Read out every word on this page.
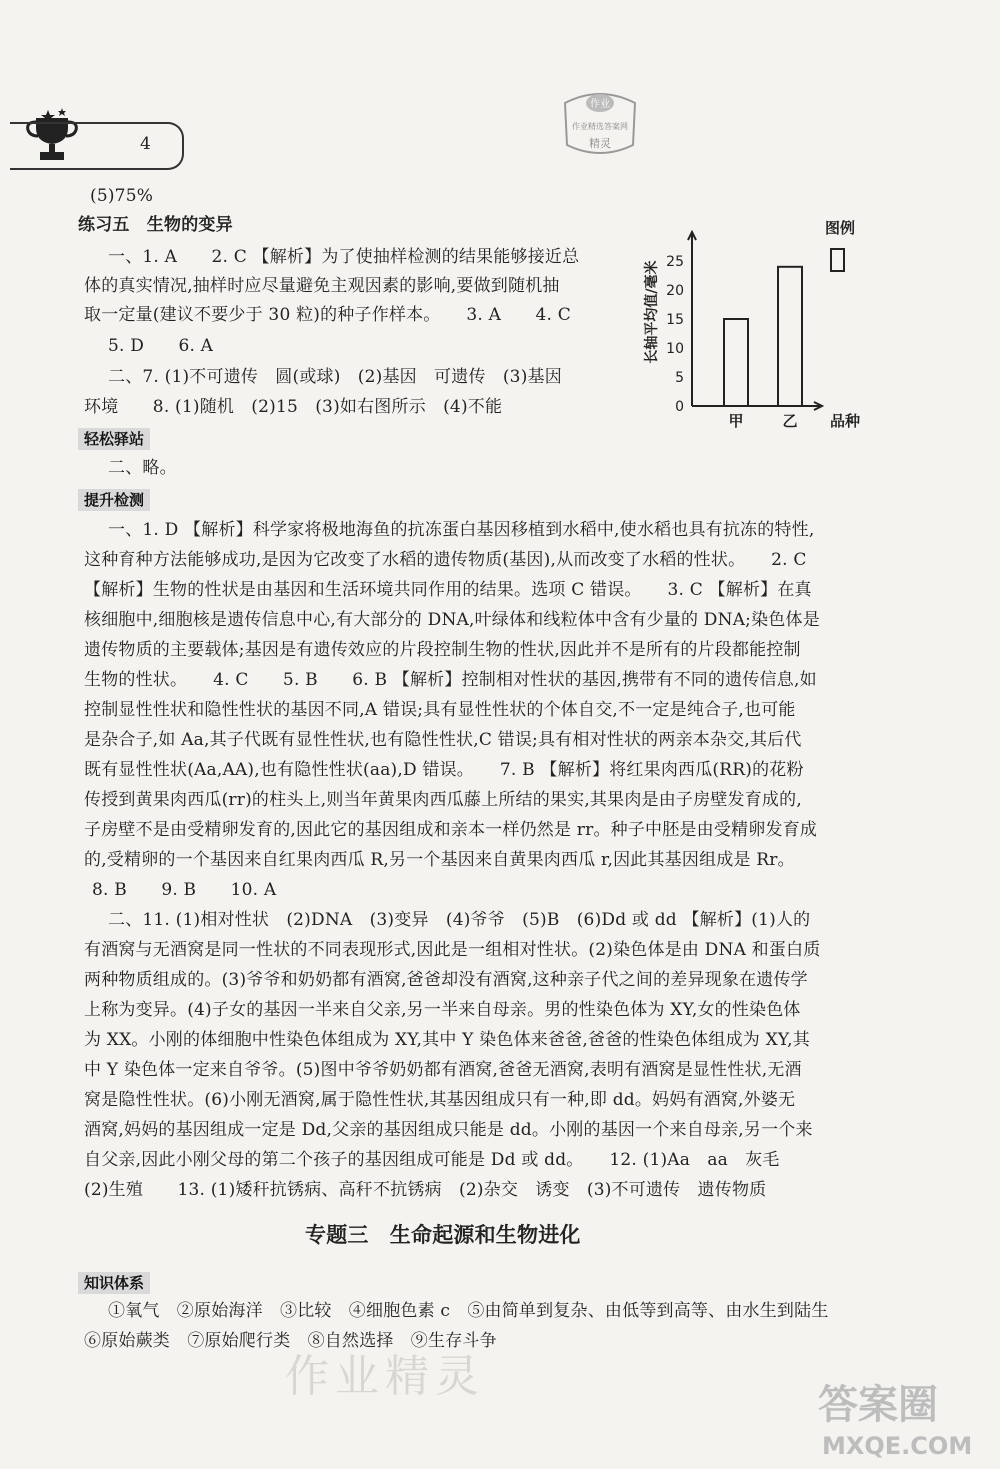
4
作业
作业精选答案网
精灵
(5)75%
练习五　生物的变异
一、1. A　　2. C 【解析】为了使抽样检测的结果能够接近总
体的真实情况,抽样时应尽量避免主观因素的影响,要做到随机抽
取一定量(建议不要少于 30 粒)的种子作样本。　　3. A　　4. C
5. D　　6. A
二、7. (1)不可遗传　圆(或球)　(2)基因　可遗传　(3)基因
环境　　8. (1)随机　(2)15　(3)如右图所示　(4)不能	0
5
10
15
20
25
甲	乙
图例
长轴平均值/毫米
品种
轻松驿站
二、略。
提升检测
一、1. D 【解析】科学家将极地海鱼的抗冻蛋白基因移植到水稻中,使水稻也具有抗冻的特性,
这种育种方法能够成功,是因为它改变了水稻的遗传物质(基因),从而改变了水稻的性状。　　2. C
【解析】生物的性状是由基因和生活环境共同作用的结果。选项 C 错误。　　3. C 【解析】在真
核细胞中,细胞核是遗传信息中心,有大部分的 DNA,叶绿体和线粒体中含有少量的 DNA;染色体是
遗传物质的主要载体;基因是有遗传效应的片段控制生物的性状,因此并不是所有的片段都能控制
生物的性状。　　4. C　　5. B　　6. B 【解析】控制相对性状的基因,携带有不同的遗传信息,如
控制显性性状和隐性性状的基因不同,A 错误;具有显性性状的个体自交,不一定是纯合子,也可能
是杂合子,如 Aa,其子代既有显性性状,也有隐性性状,C 错误;具有相对性状的两亲本杂交,其后代
既有显性性状(Aa,AA),也有隐性性状(aa),D 错误。　　7. B 【解析】将红果肉西瓜(RR)的花粉
传授到黄果肉西瓜(rr)的柱头上,则当年黄果肉西瓜藤上所结的果实,其果肉是由子房壁发育成的,
子房壁不是由受精卵发育的,因此它的基因组成和亲本一样仍然是 rr。种子中胚是由受精卵发育成
的,受精卵的一个基因来自红果肉西瓜 R,另一个基因来自黄果肉西瓜 r,因此其基因组成是 Rr。
8. B　　9. B　　10. A
二、11. (1)相对性状　(2)DNA　(3)变异　(4)爷爷　(5)B　(6)Dd 或 dd 【解析】(1)人的
有酒窝与无酒窝是同一性状的不同表现形式,因此是一组相对性状。(2)染色体是由 DNA 和蛋白质
两种物质组成的。(3)爷爷和奶奶都有酒窝,爸爸却没有酒窝,这种亲子代之间的差异现象在遗传学
上称为变异。(4)子女的基因一半来自父亲,另一半来自母亲。男的性染色体为 XY,女的性染色体
为 XX。小刚的体细胞中性染色体组成为 XY,其中 Y 染色体来爸爸,爸爸的性染色体组成为 XY,其
中 Y 染色体一定来自爷爷。(5)图中爷爷奶奶都有酒窝,爸爸无酒窝,表明有酒窝是显性性状,无酒
窝是隐性性状。(6)小刚无酒窝,属于隐性性状,其基因组成只有一种,即 dd。妈妈有酒窝,外婆无
酒窝,妈妈的基因组成一定是 Dd,父亲的基因组成只能是 dd。小刚的基因一个来自母亲,另一个来
自父亲,因此小刚父母的第二个孩子的基因组成可能是 Dd 或 dd。　　12. (1)Aa　aa　灰毛
(2)生殖　　13. (1)矮秆抗锈病、高秆不抗锈病　(2)杂交　诱变　(3)不可遗传　遗传物质
专题三　生命起源和生物进化
知识体系
①氧气　②原始海洋　③比较　④细胞色素 c　⑤由简单到复杂、由低等到高等、由水生到陆生
⑥原始蕨类　⑦原始爬行类　⑧自然选择　⑨生存斗争
作业精灵
答案圈
MXQE.COM
